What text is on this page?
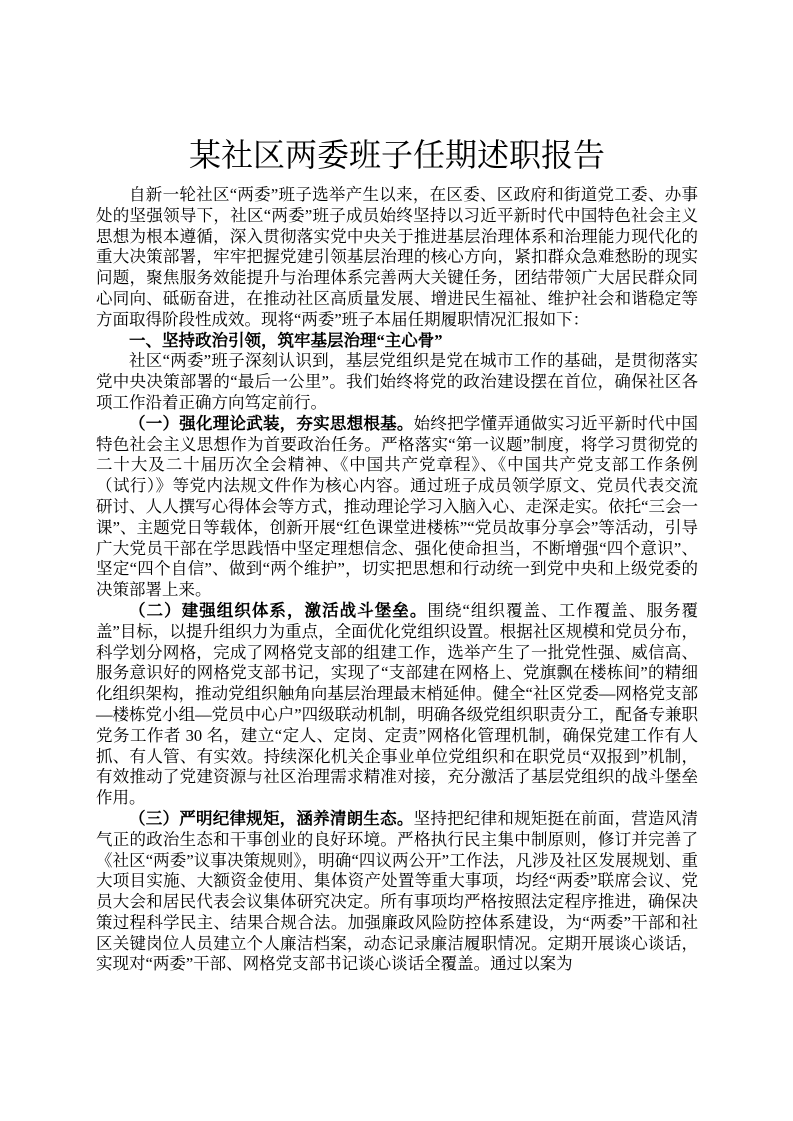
某社区两委班子任期述职报告

自新一轮社区“两委”班子选举产生以来，在区委、区政府和街道党工委、办事处的坚强领导下，社区“两委”班子成员始终坚持以习近平新时代中国特色社会主义思想为根本遵循，深入贯彻落实党中央关于推进基层治理体系和治理能力现代化的重大决策部署，牢牢把握党建引领基层治理的核心方向，紧扣群众急难愁盼的现实问题，聚焦服务效能提升与治理体系完善两大关键任务，团结带领广大居民群众同心同向、砥砺奋进，在推动社区高质量发展、增进民生福祉、维护社会和谐稳定等方面取得阶段性成效。现将“两委”班子本届任期履职情况汇报如下：

一、坚持政治引领，筑牢基层治理“主心骨”

社区“两委”班子深刻认识到，基层党组织是党在城市工作的基础，是贯彻落实党中央决策部署的“最后一公里”。我们始终将党的政治建设摆在首位，确保社区各项工作沿着正确方向笃定前行。

（一）强化理论武装，夯实思想根基。始终把学懂弄通做实习近平新时代中国特色社会主义思想作为首要政治任务。严格落实“第一议题”制度，将学习贯彻党的二十大及二十届历次全会精神、《中国共产党章程》、《中国共产党支部工作条例（试行）》等党内法规文件作为核心内容。通过班子成员领学原文、党员代表交流研讨、人人撰写心得体会等方式，推动理论学习入脑入心、走深走实。依托“三会一课”、主题党日等载体，创新开展“红色课堂进楼栋”“党员故事分享会”等活动，引导广大党员干部在学思践悟中坚定理想信念、强化使命担当，不断增强“四个意识”、坚定“四个自信”、做到“两个维护”，切实把思想和行动统一到党中央和上级党委的决策部署上来。

（二）建强组织体系，激活战斗堡垒。围绕“组织覆盖、工作覆盖、服务覆盖”目标，以提升组织力为重点，全面优化党组织设置。根据社区规模和党员分布，科学划分网格，完成了网格党支部的组建工作，选举产生了一批党性强、威信高、服务意识好的网格党支部书记，实现了“支部建在网格上、党旗飘在楼栋间”的精细化组织架构，推动党组织触角向基层治理最末梢延伸。健全“社区党委—网格党支部—楼栋党小组—党员中心户”四级联动机制，明确各级党组织职责分工，配备专兼职党务工作者 30 名，建立“定人、定岗、定责”网格化管理机制，确保党建工作有人抓、有人管、有实效。持续深化机关企事业单位党组织和在职党员“双报到”机制，有效推动了党建资源与社区治理需求精准对接，充分激活了基层党组织的战斗堡垒作用。

（三）严明纪律规矩，涵养清朗生态。坚持把纪律和规矩挺在前面，营造风清气正的政治生态和干事创业的良好环境。严格执行民主集中制原则，修订并完善了《社区“两委”议事决策规则》，明确“四议两公开”工作法，凡涉及社区发展规划、重大项目实施、大额资金使用、集体资产处置等重大事项，均经“两委”联席会议、党员大会和居民代表会议集体研究决定。所有事项均严格按照法定程序推进，确保决策过程科学民主、结果合规合法。加强廉政风险防控体系建设，为“两委”干部和社区关键岗位人员建立个人廉洁档案，动态记录廉洁履职情况。定期开展谈心谈话，实现对“两委”干部、网格党支部书记谈心谈话全覆盖。通过以案为
